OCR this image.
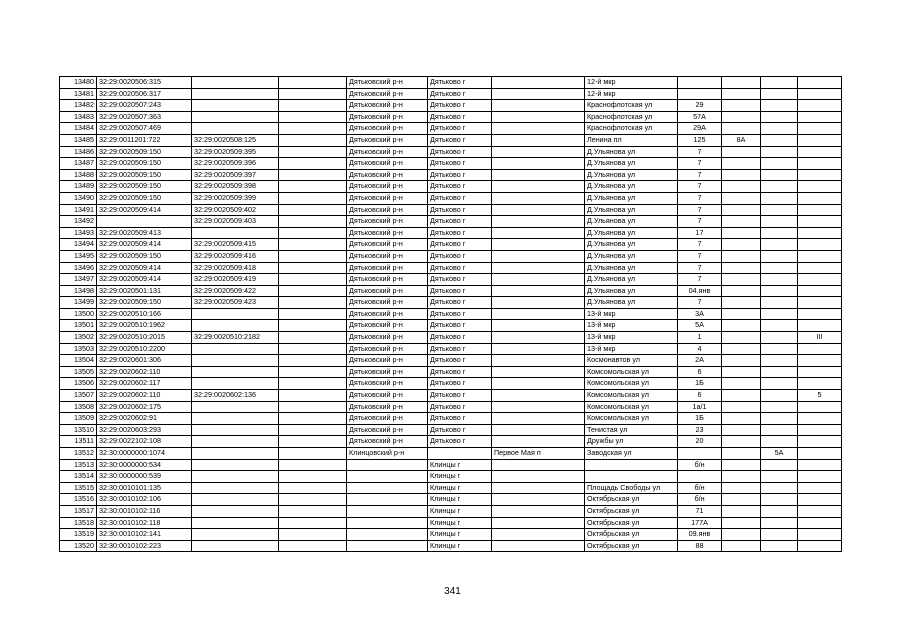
13480	32:29:0020506:315			Дятьковский р-н	Дятьково г		12-й мкр				
13481	32:29:0020506:317			Дятьковский р-н	Дятьково г		12-й мкр				
13482	32:29:0020507:243			Дятьковский р-н	Дятьково г		Краснофлотская ул	29			
13483	32:29:0020507:363			Дятьковский р-н	Дятьково г		Краснофлотская ул	57А			
13484	32:29:0020507:469			Дятьковский р-н	Дятьково г		Краснофлотская ул	29А			
13485	32:29:0011201:722	32:29:0020508:125		Дятьковский р-н	Дятьково г		Ленина пл	125	8А		
13486	32:29:0020509:150	32:29:0020509:395		Дятьковский р-н	Дятьково г		Д.Ульянова ул	7			
13487	32:29:0020509:150	32:29:0020509:396		Дятьковский р-н	Дятьково г		Д.Ульянова ул	7			
13488	32:29:0020509:150	32:29:0020509:397		Дятьковский р-н	Дятьково г		Д.Ульянова ул	7			
13489	32:29:0020509:150	32:29:0020509:398		Дятьковский р-н	Дятьково г		Д.Ульянова ул	7			
13490	32:29:0020509:150	32:29:0020509:399		Дятьковский р-н	Дятьково г		Д.Ульянова ул	7			
13491	32:29:0020509:414	32:29:0020509:402		Дятьковский р-н	Дятьково г		Д.Ульянова ул	7			
13492		32:29:0020509:403		Дятьковский р-н	Дятьково г		Д.Ульянова ул	7			
13493	32:29:0020509:413			Дятьковский р-н	Дятьково г		Д.Ульянова ул	17			
13494	32:29:0020509:414	32:29:0020509:415		Дятьковский р-н	Дятьково г		Д.Ульянова ул	7			
13495	32:29:0020509:150	32:29:0020509:416		Дятьковский р-н	Дятьково г		Д.Ульянова ул	7			
13496	32:29:0020509:414	32:29:0020509:418		Дятьковский р-н	Дятьково г		Д.Ульянова ул	7			
13497	32:29:0020509:414	32:29:0020509:419		Дятьковский р-н	Дятьково г		Д.Ульянова ул	7			
13498	32:29:0020501:131	32:29:0020509:422		Дятьковский р-н	Дятьково г		Д.Ульянова ул	04.янв			
13499	32:29:0020509:150	32:29:0020509:423		Дятьковский р-н	Дятьково г		Д.Ульянова ул	7			
13500	32:29:0020510:166			Дятьковский р-н	Дятьково г		13-й мкр	3А			
13501	32:29:0020510:1962			Дятьковский р-н	Дятьково г		13-й мкр	5А			
13502	32:29:0020510:2015	32:29:0020510:2182		Дятьковский р-н	Дятьково г		13-й мкр	1			III
13503	32:29:0020510:2200			Дятьковский р-н	Дятьково г		13-й мкр	4			
13504	32:29:0020601:306			Дятьковский р-н	Дятьково г		Космонавтов ул	2А			
13505	32:29:0020602:110			Дятьковский р-н	Дятьково г		Комсомольская ул	6			
13506	32:29:0020602:117			Дятьковский р-н	Дятьково г		Комсомольская ул	1Б			
13507	32:29:0020602:110	32:29:0020602:136		Дятьковский р-н	Дятьково г		Комсомольская ул	6			5
13508	32:29:0020602:175			Дятьковский р-н	Дятьково г		Комсомольская ул	1а/1			
13509	32:29:0020602:91			Дятьковский р-н	Дятьково г		Комсомольская ул	1Б			
13510	32:29:0020603:293			Дятьковский р-н	Дятьково г		Тенистая ул	23			
13511	32:29:0022102:108			Дятьковский р-н	Дятьково г		Дружбы ул	20			
13512	32:30:0000000:1074			Клинцовский р-н		Первое Мая п	Заводская ул			5А	
13513	32:30:0000000:534				Клинцы г			б/н			
13514	32:30:0000000:539				Клинцы г						
13515	32:30:0010101:135				Клинцы г		Площадь Свободы ул	б/н			
13516	32:30:0010102:106				Клинцы г		Октябрьская ул	б/н			
13517	32:30:0010102:116				Клинцы г		Октябрьская ул	71			
13518	32:30:0010102:118				Клинцы г		Октябрьская ул	177А			
13519	32:30:0010102:141				Клинцы г		Октябрьская ул	09.янв			
13520	32:30:0010102:223				Клинцы г		Октябрьская ул	88			
341
